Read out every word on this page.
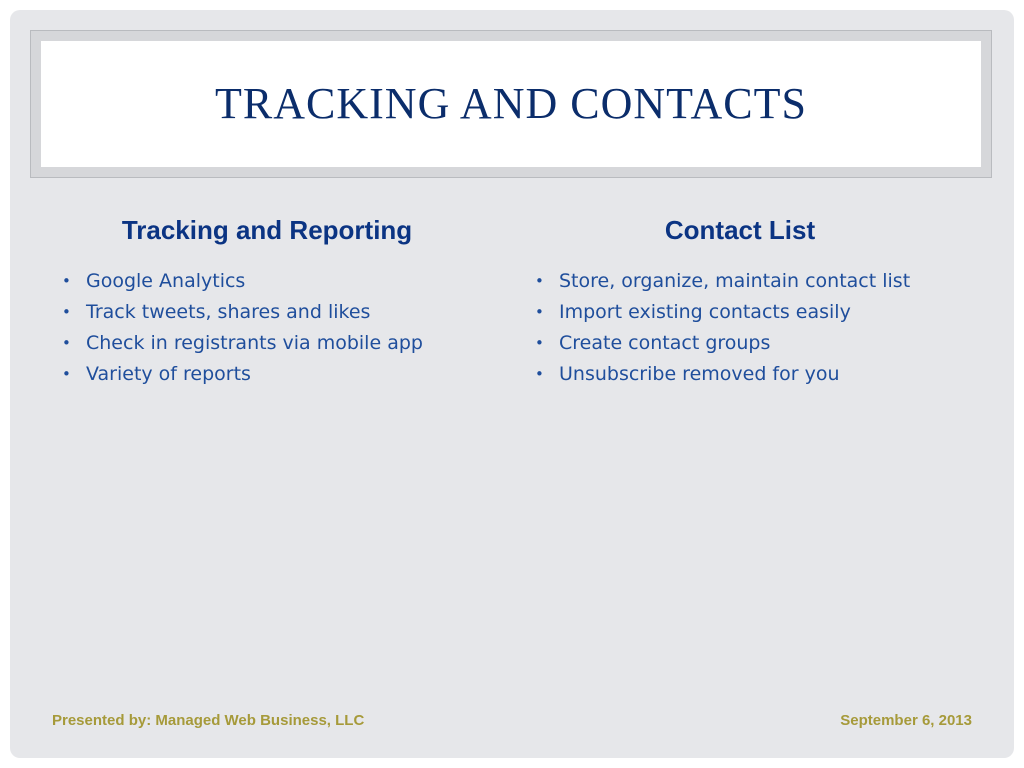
TRACKING AND CONTACTS
Tracking and Reporting
• Google Analytics
• Track tweets, shares and likes
• Check in registrants via mobile app
• Variety of reports
Contact List
• Store, organize, maintain contact list
• Import existing contacts easily
• Create contact groups
• Unsubscribe removed for you
Presented by: Managed Web Business, LLC	September 6, 2013
